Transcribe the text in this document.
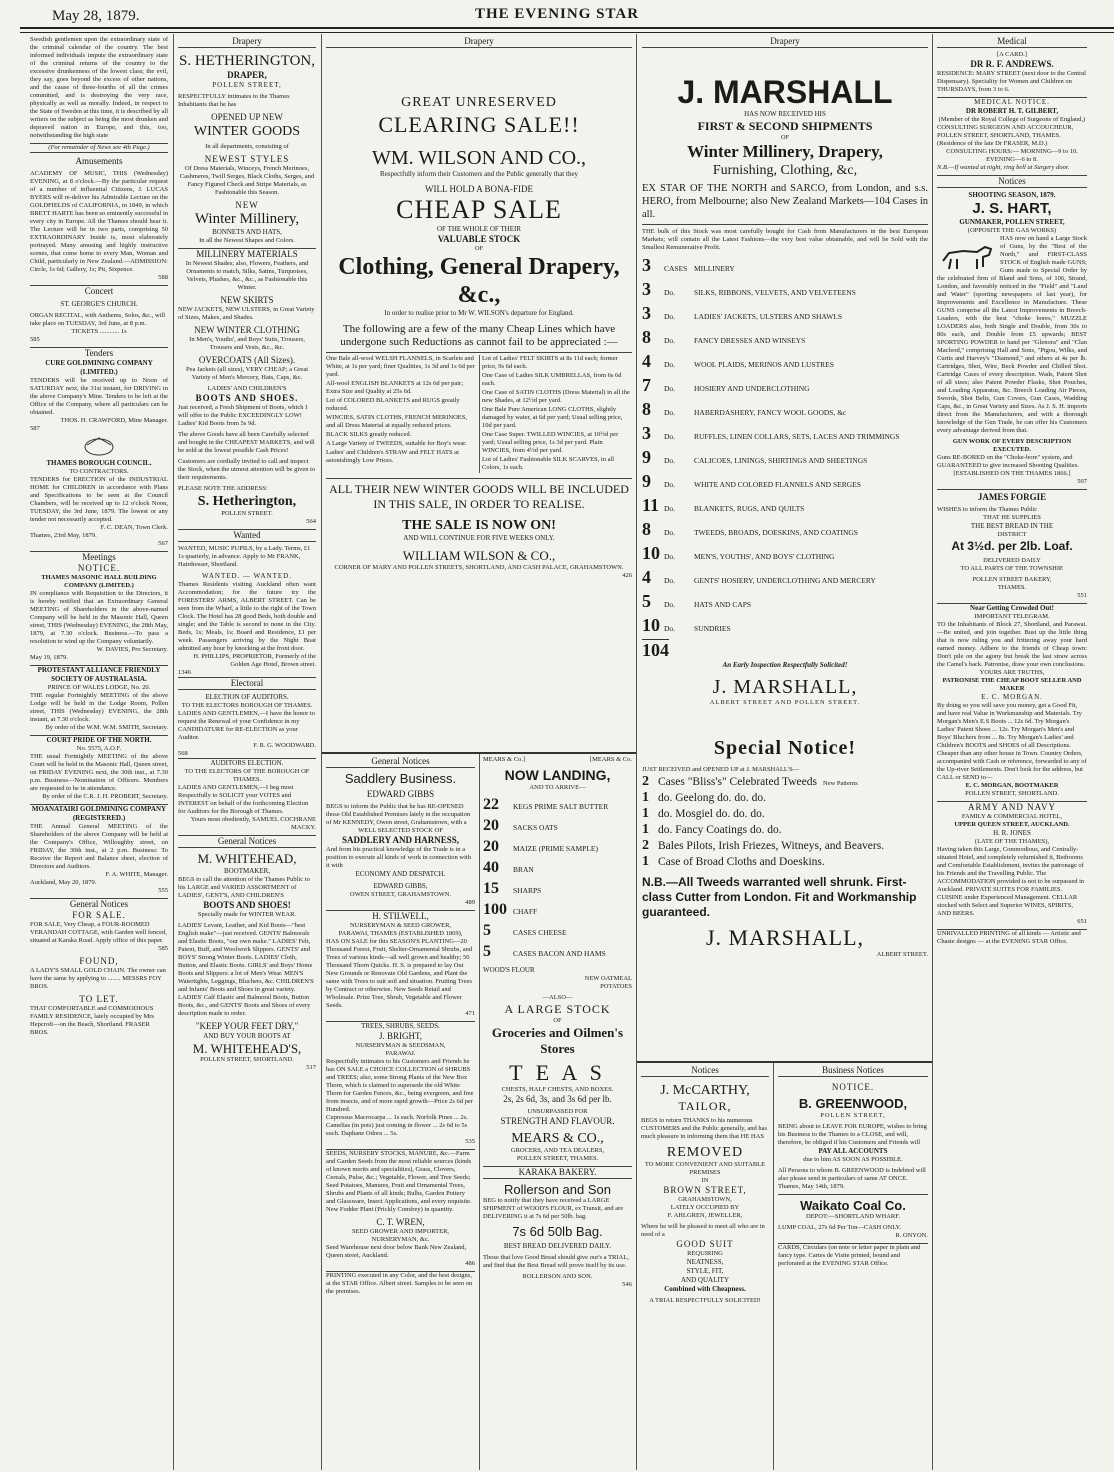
May 28, 1879.	THE EVENING STAR

Swedish gentlemen upon the extraordinary state of the criminal calendar of the country. The best informed individuals impute the extraordinary state of the criminal returns of the country to the excessive drunkenness of the lowest class; the evil, they say, goes beyond the excess of other nations, and the cause of three-fourths of all the crimes committed, and is destroying the very race, physically as well as morally. Indeed, in respect to the State of Sweden at this time, it is described by all writers on the subject as being the most drunken and depraved nation in Europe, and this, too, notwithstanding the high state

(For remainder of News see 4th Page.)

Amusements

ACADEMY OF MUSIC, THIS (Wednesday) EVENING, at 8 o'clock.—By the particular request of a number of influential Citizens, J. LUCAS BYERS will re-deliver his Admirable Lecture on the GOLDFIELDS of CALIFORNIA, in 1849, in which BRETT HARTE has been so eminently successful in every city in Europe. All the Thames should hear it. The Lecture will be in two parts, comprising 50 EXTRAORDINARY Inside is, most elaborately portrayed. Many amusing and highly instructive scenes, that come home to every Man, Woman and Child, particularly in New Zealand.—ADMISSION: Circle, 1s 6d; Gallery, 1s; Pit, Sixpence.

588

Concert

ST. GEORGE'S CHURCH.

ORGAN RECITAL, with Anthems, Solos, &c., will take place on TUESDAY, 3rd June, at 8 p.m.

TICKETS ............ 1s

585

Tenders

CURE GOLDMINING COMPANY (LIMITED.)

TENDERS will be received up to Noon of SATURDAY next, the 31st instant, for DRIVING in the above Company's Mine. Tenders to be left at the Office of the Company, where all particulars can be obtained.

THOS. H. CRAWFORD, Mine Manager.

587

THAMES BOROUGH COUNCIL.

TO CONTRACTORS.

TENDERS for ERECTION of the INDUSTRIAL HOME for CHILDREN in accordance with Plans and Specifications to be seen at the Council Chambers, will be received up to 12 o'clock Noon, TUESDAY, the 3rd June, 1879. The lowest or any tender not necessarily accepted.

F. C. DEAN, Town Clerk.

Thames, 23rd May, 1879.

567

Meetings

NOTICE.

THAMES MASONIC HALL BUILDING COMPANY (LIMITED.)

IN compliance with Requisition to the Directors, it is hereby notified that an Extraordinary General MEETING of Shareholders in the above-named Company will be held in the Masonic Hall, Queen street, THIS (Wednesday) EVENING, the 28th May, 1879, at 7.30 o'clock. Business.—To pass a resolution to wind up the Company voluntarily.

W. DAVIES, Pro Secretary.

May 19, 1879.

PROTESTANT ALLIANCE FRIENDLY SOCIETY OF AUSTRALASIA.

PRINCE OF WALES LODGE, No. 20.

THE regular Fortnightly MEETING of the above Lodge will be held in the Lodge Room, Pollen street, THIS (Wednesday) EVENING, the 28th instant, at 7.30 o'clock.

By order of the W.M. W.M. SMITH, Secretary.

COURT PRIDE OF THE NORTH.

No. 5575, A.O.F.

THE usual Fortnightly MEETING of the above Court will be held in the Masonic Hall, Queen street, on FRIDAY EVENING next, the 30th inst., at 7.30 p.m. Business—Nomination of Officers. Members are requested to be in attendance.

By order of the C.R. J. H. PROBERT, Secretary.

MOANATAIRI GOLDMINING COMPANY (REGISTERED.)

THE Annual General MEETING of the Shareholders of the above Company will be held at the Company's Office, Willoughby street, on FRIDAY, the 30th inst., at 2 p.m. Business: To Receive the Report and Balance sheet, election of Directors and Auditors.

F. A. WHITE, Manager.

Auckland, May 20, 1879.

555

General Notices

FOR SALE.

FOR SALE, Very Cheap, a FOUR-ROOMED VERANDAH COTTAGE, with Garden well fenced, situated at Karaka Road. Apply office of this paper.

585

FOUND,

A LADY'S SMALL GOLD CHAIN. The owner can have the same by applying to ........ MESSRS FOY BROS.

TO LET.

THAT COMFORTABLE and COMMODIOUS FAMILY RESIDENCE, lately occupied by Mrs Hepcroft—on the Beach, Shortland. FRASER BROS.

Drapery

S. HETHERINGTON,

DRAPER,

POLLEN STREET,

RESPECTFULLY intimates to the Thames Inhabitants that he has

OPENED UP NEW

WINTER GOODS

In all departments, consisting of

NEWEST STYLES

Of Dress Materials, Winceys, French Merinoes, Cashmeres, Twill Serges, Black Cloths, Serges, and Fancy Figured Check and Stripe Materials, as Fashionable this Season.

NEW

Winter Millinery,

BONNETS AND HATS,

In all the Newest Shapes and Colors.

MILLINERY MATERIALS

In Newest Shades; also, Flowers, Feathers, and Ornaments to match, Silks, Satins, Turquoises, Velvets, Plushes, &c., &c., as Fashionable this Winter.

NEW SKIRTS

NEW JACKETS, NEW ULSTERS, in Great Variety of Sizes, Makes, and Shades.

NEW WINTER CLOTHING

In Men's, Youths', and Boys' Suits, Trousers, Trousers and Vests, &c., &c.

OVERCOATS (All Sizes).

Pea Jackets (all sizes), VERY CHEAP; a Great Variety of Men's Mercery, Hats, Caps, &c.

LADIES' AND CHILDREN'S

BOOTS AND SHOES.

Just received, a Fresh Shipment of Boots, which I will offer to the Public EXCEEDINGLY LOW! Ladies' Kid Boots from 5s 9d.

The above Goods have all been Carefully selected and bought in the CHEAPEST MARKETS, and will be sold at the lowest possible Cash Prices!

Customers are cordially invited to call and inspect the Stock, when the utmost attention will be given to their requirements.

PLEASE NOTE THE ADDRESS:

S. Hetherington,

POLLEN STREET.

564

Wanted

WANTED, MUSIC PUPILS, by a Lady. Terms, £1 1s quarterly, in advance. Apply to Mr FRANK, Hairdresser, Shortland.

WANTED. — WANTED.

Thames Residents visiting Auckland often want Accommodation; for the future try the FORESTERS' ARMS, ALBERT STREET. Can be seen from the Wharf, a little to the right of the Town Clock. The Hotel has 28 good Beds, both double and single; and the Table is second to none in the City. Beds, 1s; Meals, 1s; Board and Residence, £1 per week. Passengers arriving by the Night Boat admitted any hour by knocking at the front door.

H. PHILLIPS, PROPRIETOR, Formerly of the Golden Age Hotel, Brown street.

1346

Electoral

ELECTION OF AUDITORS.

TO THE ELECTORS BOROUGH OF THAMES.

LADIES AND GENTLEMEN,—I have the honor to request the Renewal of your Confidence in my CANDIDATURE for RE-ELECTION as your Auditor.

F. R. G. WOODWARD.

568

AUDITORS ELECTION.

TO THE ELECTORS OF THE BOROUGH OF THAMES.

LADIES AND GENTLEMEN,—I beg most Respectfully to SOLICIT your VOTES and INTEREST on behalf of the forthcoming Election for Auditors for the Borough of Thames.

Yours most obediently, SAMUEL COCHRANE MACKY.

General Notices

M. WHITEHEAD,

BOOTMAKER,

BEGS to call the attention of the Thames Public to his LARGE and VARIED ASSORTMENT of LADIES', GENT'S, AND CHILDREN'S

BOOTS AND SHOES!

Specially made for WINTER WEAR.

LADIES' Levant, Leather, and Kid Boots—"best English make"—just received. GENTS' Balmorals and Elastic Boots, "our own make." LADIES' Felt, Patent, Buff, and Woolwork Slippers. GENTS' and BOYS' Strong Winter Boots. LADIES' Cloth, Button, and Elastic Boots. GIRLS' and Boys' Home Boots and Slippers: a lot of Men's Wear. MEN'S Watertights, Leggings, Bluchers, &c. CHILDREN'S and Infants' Boots and Shoes in great variety. LADIES' Calf Elastic and Balmoral Boots, Button Boots, &c., and GENTS' Boots and Shoes of every description made to order.

"KEEP YOUR FEET DRY,"

AND BUY YOUR BOOTS AT

M. WHITEHEAD'S,

POLLEN STREET, SHORTLAND.

517

Drapery

GREAT UNRESERVED

CLEARING SALE!!

WM. WILSON AND CO.,

Respectfully inform their Customers and the Public generally that they

WILL HOLD A BONA-FIDE

CHEAP SALE

OF THE WHOLE OF THEIR

VALUABLE STOCK

OF

Clothing, General Drapery, &c.,

In order to realise prior to Mr W. WILSON's departure for England.

The following are a few of the many Cheap Lines which have undergone such Reductions as cannot fail to be appreciated :—

One Bale all-wool WELSH FLANNELS, in Scarlets and White, at 1s per yard; finer Qualities, 1s 3d and 1s 6d per yard.

All-wool ENGLISH BLANKETS at 12s 6d per pair; Extra Size and Quality at 25s 6d.

Lot of COLORED BLANKETS and RUGS greatly reduced.

WINCIES, SATIN CLOTHS, FRENCH MERINOES, and all Dress Material at equally reduced prices.

BLACK SILKS greatly reduced.

A Large Variety of TWEEDS, suitable for Boy's wear.

Ladies' and Children's STRAW and FELT HATS at astonishingly Low Prices.

Lot of Ladies' FELT SKIRTS at 8s 11d each; former price, 9s 6d each.

One Case of Ladies SILK UMBRELLAS, from 6s 6d each.

One Case of SATIN CLOTHS (Dress Material) in all the new Shades, at 12½d per yard.

One Bale Pure American LONG CLOTHS, slightly damaged by water, at 6d per yard; Usual selling price, 10d per yard.

One Case Super. TWILLED WINCIES, at 10½d per yard; Usual selling price, 1s 3d per yard. Plain WINCIES, from 4½d per yard.

Lot of Ladies' Fashionable SILK SCARVES, in all Colors, 1s each.

ALL THEIR NEW WINTER GOODS WILL BE INCLUDED IN THIS SALE, IN ORDER TO REALISE.

THE SALE IS NOW ON!

AND WILL CONTINUE FOR FIVE WEEKS ONLY.

WILLIAM WILSON & CO.,

CORNER OF MARY AND POLLEN STREETS, SHORTLAND, AND CASH PALACE, GRAHAMSTOWN.

426

General Notices

Saddlery Business.

EDWARD GIBBS

BEGS to inform the Public that he has RE-OPENED those Old Established Premises lately in the occupation of Mr KENNEDY, Owen street, Grahamstown, with a

WELL SELECTED STOCK OF

SADDLERY AND HARNESS,

And from his practical knowledge of the Trade is in a position to execute all kinds of work in connection with it with

ECONOMY AND DESPATCH.

EDWARD GIBBS,

OWEN STREET, GRAHAMSTOWN.

489

H. STILWELL,

NURSERYMAN & SEED GROWER,

PARAWAI, THAMES (ESTABLISHED 1869),

HAS ON SALE for this SEASON'S PLANTING—20 Thousand Forest, Fruit, Shelter-Ornamental Shrubs, and Trees of various kinds—all well grown and healthy; 50 Thousand Thorn Quicks. H. S. is prepared to lay Out New Grounds or Renovate Old Gardens, and Plant the same with Trees to suit soil and situation. Fruiting Trees by Contract or otherwise. New Seeds Retail and Wholesale. Prize Tree, Shrub, Vegetable and Flower Seeds.

471

TREES, SHRUBS, SEEDS.

J. BRIGHT,

NURSERYMAN & SEEDSMAN,

PARAWAI.

Respectfully intimates to his Customers and Friends he has ON SALE a CHOICE COLLECTION of SHRUBS and TREES; also, some Strong Plants of the New Box Thorn, which is claimed to supersede the old White Thorn for Garden Fences, &c., being evergreen, and free from insects, and of more rapid growth—Price 2s 6d per Hundred.

Cupressus Macrocarpa ... 1s each. Norfolk Pines ... 2s. Camelias (in pots) just coming in flower ... 2s 6d to 5s each. Daphane Odora ... 5s.

535

SEEDS, NURSERY STOCKS, MANURE, &c.—Farm and Garden Seeds from the most reliable sources (kinds of known merits and specialities), Grass, Clovers, Cereals, Pulse, &c.; Vegetable, Flower, and Tree Seeds; Seed Potatoes, Manures, Fruit and Ornamental Trees, Shrubs and Plants of all kinds; Bulbs, Garden Pottery and Glassware, Insect Applications, and every requisite. New Fodder Plant (Prickly Comfrey) in quantity.

C. T. WREN,

SEED GROWER AND IMPORTER,

NURSERYMAN, &c.

Seed Warehouse next door below Bank New Zealand, Queen street, Auckland.

486

PRINTING executed in any Color, and the best designs, at the STAR Office. Albert street. Samples to be seen on the premises.

MEARS & Co.]	[MEARS & Co.

NOW LANDING,

AND TO ARRIVE—

22 KEGS PRIME SALT BUTTER
20 SACKS OATS
20 MAIZE (PRIME SAMPLE)
40 BRAN
15 SHARPS
100 CHAFF
5	CASES CHEESE
5	CASES BACON AND HAMS

WOOD'S FLOUR

NEW OATMEAL

POTATOES

—ALSO—

A LARGE STOCK

OF

Groceries and Oilmen's Stores

T E A S

CHESTS, HALF CHESTS, AND BOXES.

2s, 2s 6d, 3s, and 3s 6d per lb.

UNSURPASSED FOR

STRENGTH AND FLAVOUR.

MEARS & CO.,

GROCERS, AND TEA DEALERS,

POLLEN STREET, THAMES.

KARAKA BAKERY.

Rollerson and Son

BEG to notify that they have received a LARGE SHIPMENT of WOOD'S FLOUR, ex Transit, and are DELIVERING it at 7s 6d per 50lb. bag.

7s 6d 50lb Bag.

BEST BREAD DELIVERED DAILY.

Those that love Good Bread should give our's a TRIAL, and find that the Best Bread will prove itself by its use.

ROLLERSON AND SON.

546

Drapery

J. MARSHALL

HAS NOW RECEIVED HIS

FIRST & SECOND SHIPMENTS

OF

Winter Millinery, Drapery,

Furnishing, Clothing, &c,

EX STAR OF THE NORTH and SARCO, from London, and s.s. HERO, from Melbourne; also New Zealand Markets—104 Cases in all.

THE bulk of this Stock was most carefully bought for Cash from Manufacturers in the best European Markets; will contain all the Latest Fashions—the very best value obtainable, and will be Sold with the Smallest Remunerative Profit.

3 CASES MILLINERY
3 Do.	SILKS, RIBBONS, VELVETS, AND VELVETEENS
3 Do.	LADIES' JACKETS, ULSTERS AND SHAWLS
8 Do.	FANCY DRESSES AND WINSEYS
4 Do.	WOOL PLAIDS, MERINOS AND LUSTRES
7 Do.	HOSIERY AND UNDERCLOTHING
8 Do.	HABERDASHERY, FANCY WOOL GOODS, &c
3 Do.	RUFFLES, LINEN COLLARS, SETS, LACES AND TRIMMINGS
9 Do.	CALICOES, LININGS, SHIRTINGS AND SHEETINGS
9 Do.	WHITE AND COLORED FLANNELS AND SERGES
11 Do.	BLANKETS, RUGS, AND QUILTS
8 Do.	TWEEDS, BROADS, DOESKINS, AND COATINGS
10 Do.	MEN'S, YOUTHS', AND BOYS' CLOTHING
4 Do.	GENTS' HOSIERY, UNDERCLOTHING AND MERCERY
5 Do.	HATS AND CAPS
10 Do.	SUNDRIES

104

An Early Inspection Respectfully Solicited!

J. MARSHALL,

ALBERT STREET AND POLLEN STREET.

Special Notice!

JUST RECEIVED and OPENED UP at J. MARSHALL'S—

2 Cases "Bliss's" Celebrated Tweeds New Patterns
1 do. Geelong do. do. do.
1 do. Mosgiel do. do. do.
1 do. Fancy Coatings do. do.
2 Bales Pilots, Irish Friezes, Witneys, and Beavers.
1 Case of Broad Cloths and Doeskins.

N.B.—All Tweeds warranted well shrunk. First-class Cutter from London. Fit and Workmanship guaranteed.

J. MARSHALL,

ALBERT STREET.

Notices

J. McCARTHY,

TAILOR,

BEGS to return THANKS to his numerous CUSTOMERS and the Public generally, and has much pleasure in informing them that HE HAS

REMOVED

TO MORE CONVENIENT AND SUITABLE PREMISES

IN

BROWN STREET,

GRAHAMSTOWN,

LATELY OCCUPIED BY

F. AHLGREN, JEWELLER,

Where he will be pleased to meet all who are in need of a

GOOD SUIT

REQUIRING

NEATNESS,

STYLE, FIT,

AND QUALITY

Combined with Cheapness.

A TRIAL RESPECTFULLY SOLICITED!

Business Notices

NOTICE.

B. GREENWOOD,

POLLEN STREET,

BEING about to LEAVE FOR EUROPE, wishes to bring his Business to the Thames to a CLOSE, and will, therefore, be obliged if his Customers and Friends will

PAY ALL ACCOUNTS

due to him AS SOON AS POSSIBLE.

All Persons to whom B. GREENWOOD is Indebted will also please send in particulars of same AT ONCE.

Thames, May 14th, 1879.

Waikato Coal Co.

DEPOT:—SHORTLAND WHARF.

LUMP COAL, 27s 6d Per Ton—CASH ONLY.

R. ONYON.

CARDS, Circulars (on note or letter paper in plain and fancy type. Cartes de Visite printed, bound and perforated at the EVENING STAR Office.

Medical

[A CARD.]

DR R. F. ANDREWS.

RESIDENCE: MARY STREET (next door to the Central Dispensary). Speciality for Women and Children on THURSDAYS, from 3 to 6.

MEDICAL NOTICE.

DR ROBERT H. T. GILBERT,

(Member of the Royal College of Surgeons of England,)

CONSULTING SURGEON AND ACCOUCHEUR, POLLEN STREET, SHORTLAND, THAMES. (Residence of the late Dr FRASER, M.D.)

CONSULTING HOURS:— MORNING—9 to 10. EVENING—6 to 8.

N.B.—If wanted at night, ring bell at Surgery door.

Notices

SHOOTING SEASON, 1879.

J. S. HART,

GUNMAKER, POLLEN STREET,

(OPPOSITE THE GAS WORKS)

HAS now on hand a Large Stock of Guns, by the "Best of the North," and FIRST-CLASS STOCK of English made GUNS; Guns made to Special Order by the celebrated firm of Bland and Sons, of 106, Strand, London, and favorably noticed in the "Field" and "Land and Water" (sporting newspapers of last year), for Improvements and Excellence in Manufacture. These GUNS comprise all the Latest Improvements in Breech-Loaders, with the best "choke bores," MUZZLE LOADERS also, both Single and Double, from 30s to 80s each, and Double from £5 upwards; BEST SPORTING POWDER to hand per "Glenora" and "Clan Macleod," comprising Hall and Sons, "Pigou, Wilks, and Curtis and Harvey's "Diamond," and others at 4s per lb. Cartridges, Shot, Wire, Beck Powder and Chilled Shot. Cartridge Cases of every description. Wads, Patent Shot of all sizes; also Patent Powder Flasks, Shot Pouches, and Loading Apparatus, &c. Breech Loading Air Pieces, Swords, Shot Belts, Gun Covers, Gun Cases, Wadding Caps, &c., in Great Variety and Sizes. As J. S. H. imports direct from the Manufacturers, and with a thorough knowledge of the Gun Trade, he can offer his Customers every advantage derived from that.

GUN WORK OF EVERY DESCRIPTION EXECUTED.

Guns RE-BORED on the "Choke-bore" system, and GUARANTEED to give increased Shooting Qualities.

[ESTABLISHED ON THE THAMES 1866.]

507

JAMES FORGIE

WISHES to inform the Thames Public

THAT HE SUPPLIES

THE BEST BREAD IN THE

DISTRICT

At 3½d. per 2lb. Loaf.

DELIVERED DAILY

TO ALL PARTS OF THE TOWNSHIP.

POLLEN STREET BAKERY,

THAMES.

551

Near Getting Crowded Out!

IMPORTANT TELEGRAM.

TO the Inhabitants of Block 27, Shortland, and Parawai.—Be united, and join together. Bust up the little thing that is now ruling you and frittering away your hard earned money. Adhere to the friends of Cheap town: Don't pile on the agony but break the last straw across the Camel's back. Patronise, draw your own conclusions.

YOURS ARE TRUTHS,

PATRONISE THE CHEAP BOOT SELLER AND MAKER

E. C. MORGAN.

By doing so you will save you money, get a Good Fit, and have real Value in Workmanship and Materials. Try Morgan's Men's E.S Boots ... 12s 6d. Try Morgan's Ladies' Patent Shoes ... 12s. Try Morgan's Men's and Boys' Bluchers from ... 8s. Try Morgan's Ladies' and Children's BOOTS and SHOES of all Descriptions. Cheaper than any other house in Town. Country Orders, accompanied with Cash or reference, forwarded to any of the Up-river Settlements. Don't look for the address, but CALL or SEND to—

E. C. MORGAN, BOOTMAKER

POLLEN STREET, SHORTLAND.

ARMY AND NAVY

FAMILY & COMMERCIAL HOTEL,

UPPER QUEEN STREET, AUCKLAND.

H. R. JONES

(LATE OF THE THAMES),

Having taken this Large, Commodious, and Centrally-situated Hotel, and completely refurnished it, Bedrooms and Comfortable Establishment, invites the patronage of his Friends and the Travelling Public. The ACCOMMODATION provided is not to be surpassed in Auckland. PRIVATE SUITES FOR FAMILIES. CUISINE under Experienced Management. CELLAR stocked with Select and Superior WINES, SPIRITS, AND BEERS.

651

UNRIVALLED PRINTING of all kinds — Artistic and Chaste designs — at the EVENING STAR Office.
